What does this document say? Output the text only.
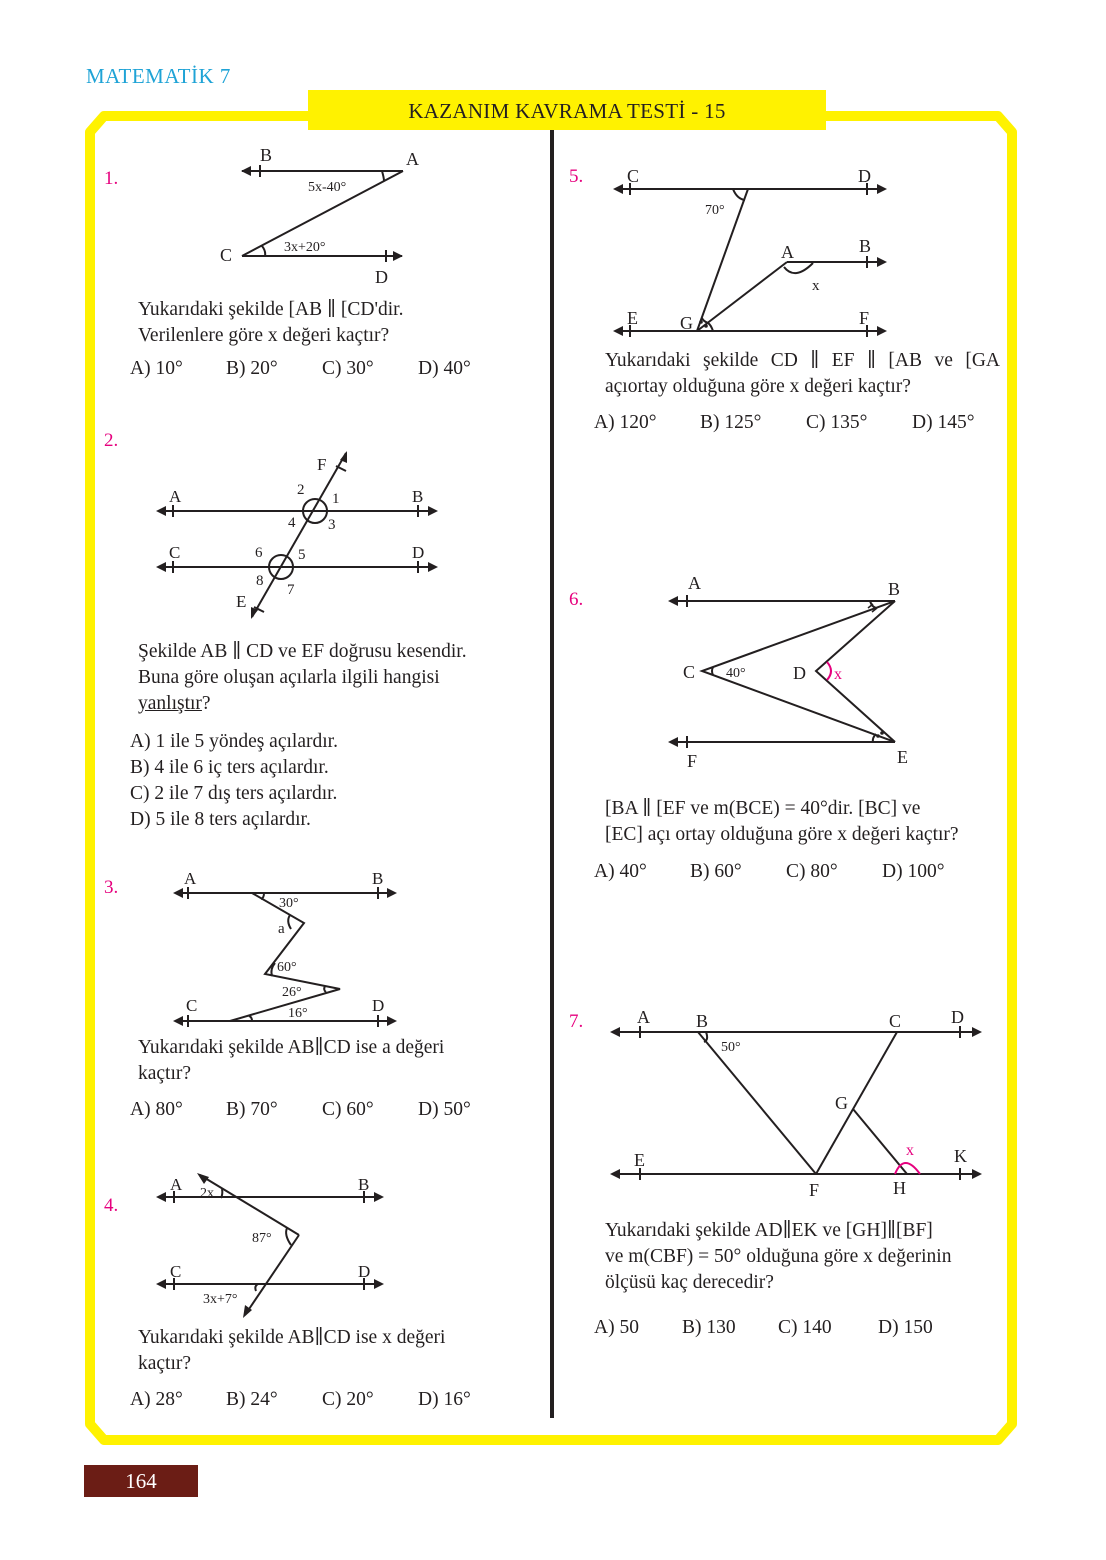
MATEMATİK 7
KAZANIM KAVRAMA TESTİ - 15
1.
B	A
5x-40°
C	3x+20°
D
Yukarıdaki şekilde [AB ∥ [CD'dir.
Verilenlere göre x değeri kaçtır?
A) 10°	B) 20°	C) 30°	D) 40°
2.
F
A	B
C	D
E
2
1
4 3
6 5
8
7
Şekilde AB ∥ CD ve EF doğrusu kesendir.
Buna göre oluşan açılarla ilgili hangisi
yanlıştır?
A) 1 ile 5 yöndeş açılardır.
B) 4 ile 6 iç ters açılardır.
C) 2 ile 7 dış ters açılardır.
D) 5 ile 8 ters açılardır.
3.	A	B
30°
a
60°
26°
C	16°	D
Yukarıdaki şekilde AB∥CD ise a değeri
kaçtır?
A) 80°	B) 70°	C) 60°	D) 50°
4.
A 2x	B
87°
C	D
3x+7°
Yukarıdaki şekilde AB∥CD ise x değeri
kaçtır?
A) 28°	B) 24°	C) 20°	D) 16°
5. C	D
70°
A	B
x
E G	F
Yukarıdaki şekilde CD ∥ EF ∥ [AB ve [GA
açıortay olduğuna göre x değeri kaçtır?
A) 120°	B) 125°	C) 135°	D) 145°
6.
A	B
C 40°	D x
F	E
[BA ∥ [EF ve m(BCE) = 40°dir. [BC] ve
[EC] açı ortay olduğuna göre x değeri kaçtır?
A) 40°	B) 60°	C) 80°	D) 100°
7.	A	B	C	D
50°
G
E	x K
F	H
Yukarıdaki şekilde AD∥EK ve [GH]∥[BF]
ve m(CBF) = 50° olduğuna göre x değerinin
ölçüsü kaç derecedir?
A) 50	B) 130	C) 140	D) 150
164
